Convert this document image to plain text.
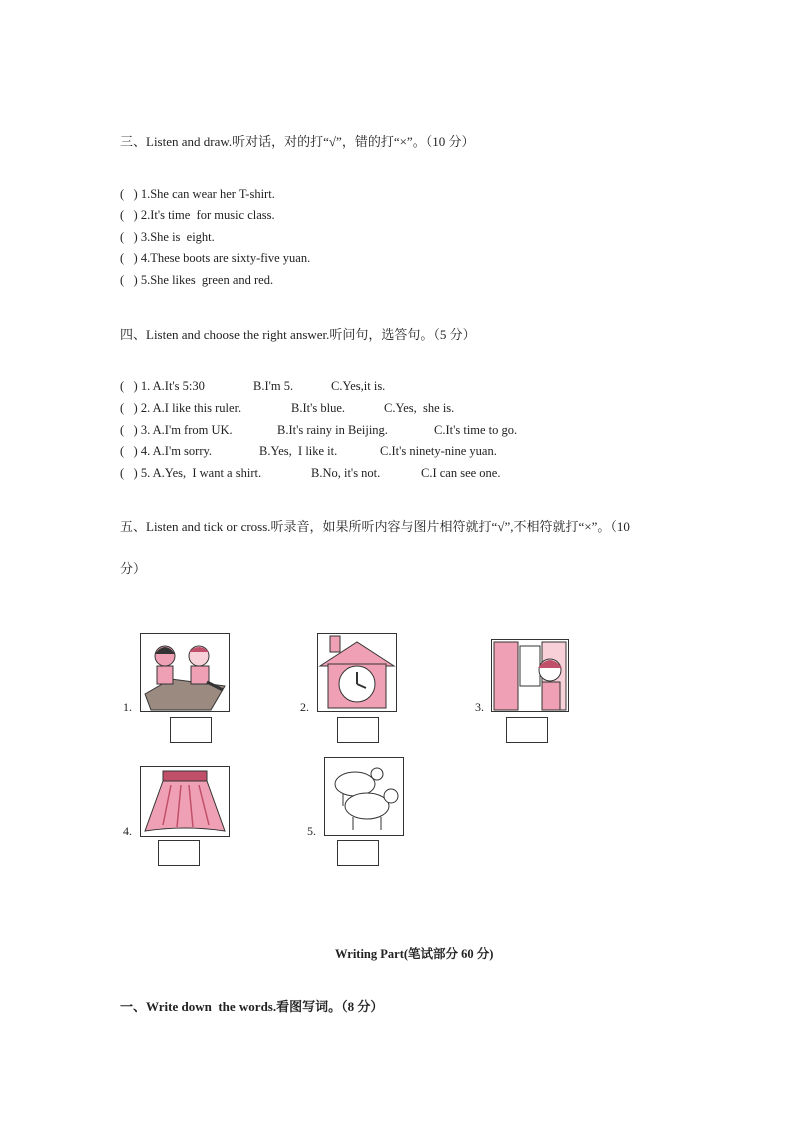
三、Listen and draw.听对话，对的打“√”，错的打“×”。（10 分）
(   ) 1.She can wear her T-shirt.
(   ) 2.It's time  for music class.
(   ) 3.She is  eight.
(   ) 4.These boots are sixty-five yuan.
(   ) 5.She likes  green and red.
四、Listen and choose the right answer.听问句，选答句。（5 分）
(   ) 1. A.It's 5:30	B.I'm 5.	C.Yes,it is.
(   ) 2. A.I like this ruler.	B.It's blue.	C.Yes,  she is.
(   ) 3. A.I'm from UK.	B.It's rainy in Beijing.	C.It's time to go.
(   ) 4. A.I'm sorry.	B.Yes,  I like it.	C.It's ninety-nine yuan.
(   ) 5. A.Yes,  I want a shirt.	B.No, it's not.	C.I can see one.
五、Listen and tick or cross.听录音，如果所听内容与图片相符就打“√”,不相符就打“×”。（10
分）
1.	2.	3.
4.	5.
Writing Part(笔试部分 60 分)
一、Write down  the words.看图写词。（8 分）
